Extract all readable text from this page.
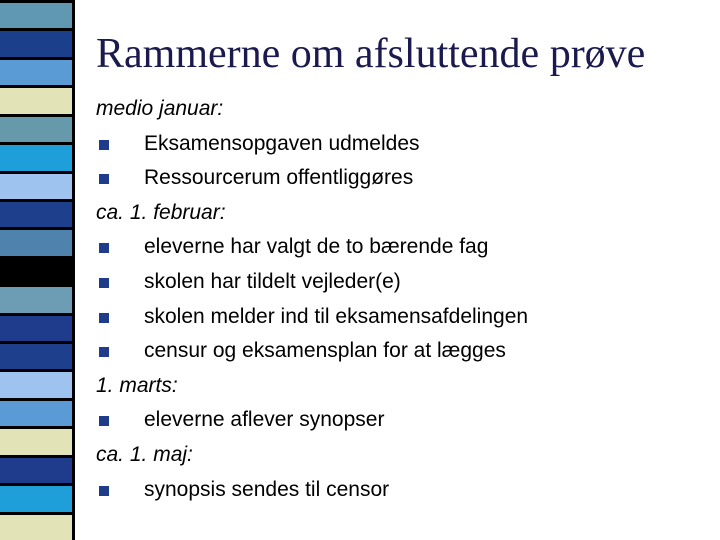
Rammerne om afsluttende prøve
medio januar:
Eksamensopgaven udmeldes
Ressourcerum offentliggøres
ca. 1. februar:
eleverne har valgt de to bærende fag
skolen har tildelt vejleder(e)
skolen melder ind til eksamensafdelingen
censur og eksamensplan for at lægges
1. marts:
eleverne aflever synopser
ca. 1. maj:
synopsis sendes til censor
